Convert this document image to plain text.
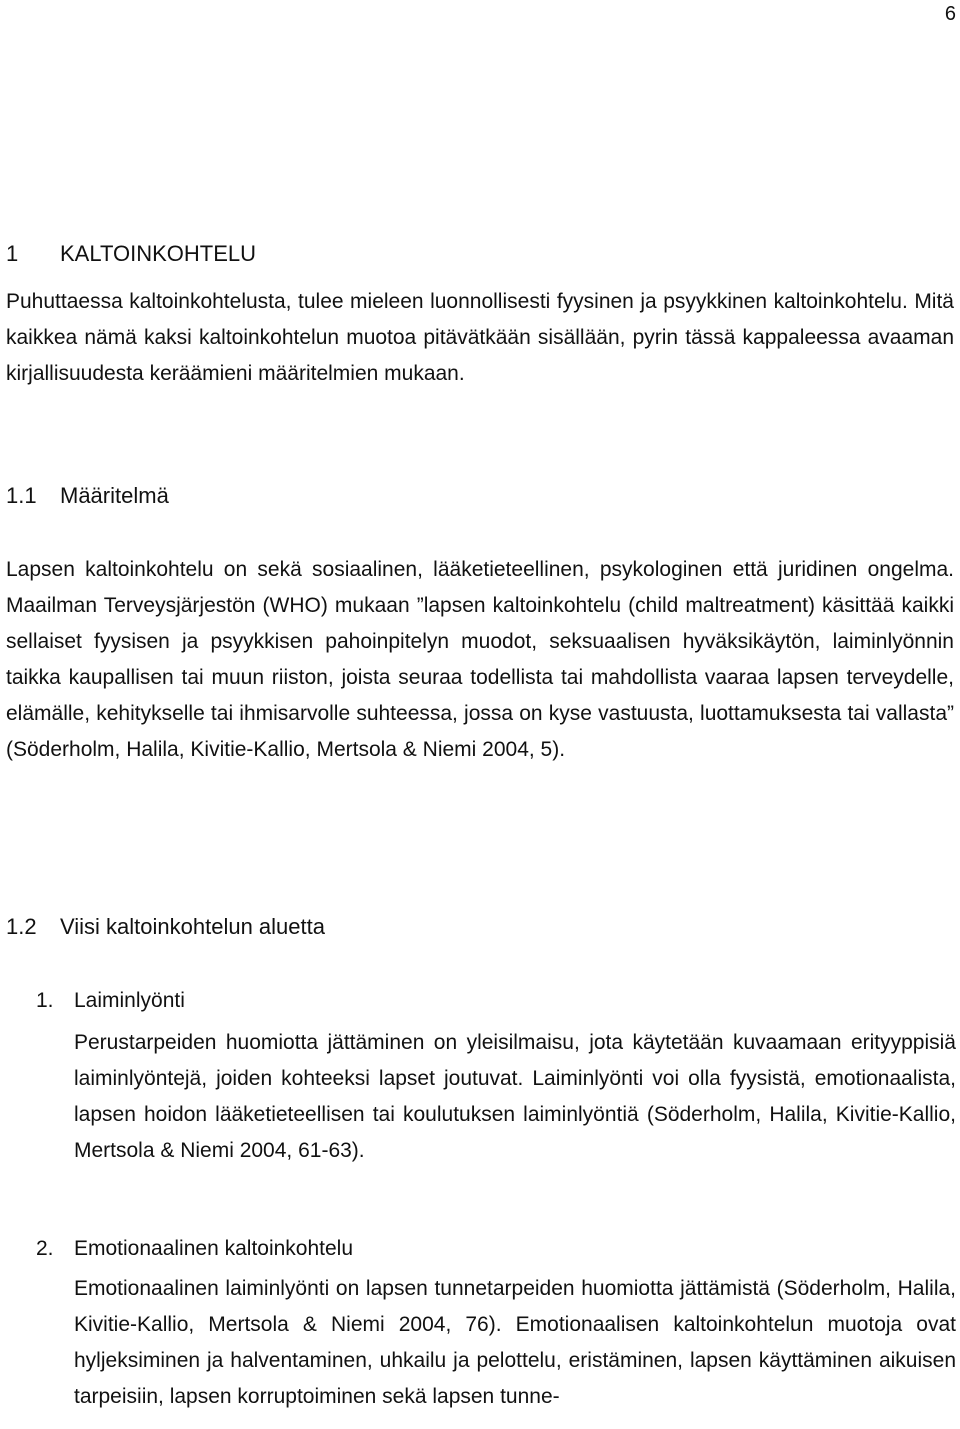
6
1 KALTOINKOHTELU

Puhuttaessa kaltoinkohtelusta, tulee mieleen luonnollisesti fyysinen ja psyykkinen kaltoinkohtelu. Mitä kaikkea nämä kaksi kaltoinkohtelun muotoa pitävätkään sisällään, pyrin tässä kappaleessa avaaman kirjallisuudesta keräämieni määritelmien mukaan.

1.1 Määritelmä

Lapsen kaltoinkohtelu on sekä sosiaalinen, lääketieteellinen, psykologinen että juridinen ongelma. Maailman Terveysjärjestön (WHO) mukaan ”lapsen kaltoinkohtelu (child maltreatment) käsittää kaikki sellaiset fyysisen ja psyykkisen pahoinpitelyn muodot, seksuaalisen hyväksikäytön, laiminlyönnin taikka kaupallisen tai muun riiston, joista seuraa todellista tai mahdollista vaaraa lapsen terveydelle, elämälle, kehitykselle tai ihmisarvolle suhteessa, jossa on kyse vastuusta, luottamuksesta tai vallasta” (Söderholm, Halila, Kivitie-Kallio, Mertsola & Niemi 2004, 5).

1.2 Viisi kaltoinkohtelun aluetta
1. Laiminlyönti

Perustarpeiden huomiotta jättäminen on yleisilmaisu, jota käytetään kuvaamaan erityyppisiä laiminlyöntejä, joiden kohteeksi lapset joutuvat. Laiminlyönti voi olla fyysistä, emotionaalista, lapsen hoidon lääketieteellisen tai koulutuksen laiminlyöntiä (Söderholm, Halila, Kivitie-Kallio, Mertsola & Niemi 2004, 61-63).

2. Emotionaalinen kaltoinkohtelu

Emotionaalinen laiminlyönti on lapsen tunnetarpeiden huomiotta jättämistä (Söderholm, Halila, Kivitie-Kallio, Mertsola & Niemi 2004, 76). Emotionaalisen kaltoinkohtelun muotoja ovat hyljeksiminen ja halventaminen, uhkailu ja pelottelu, eristäminen, lapsen käyttäminen aikuisen tarpeisiin, lapsen korruptoiminen sekä lapsen tunne-
